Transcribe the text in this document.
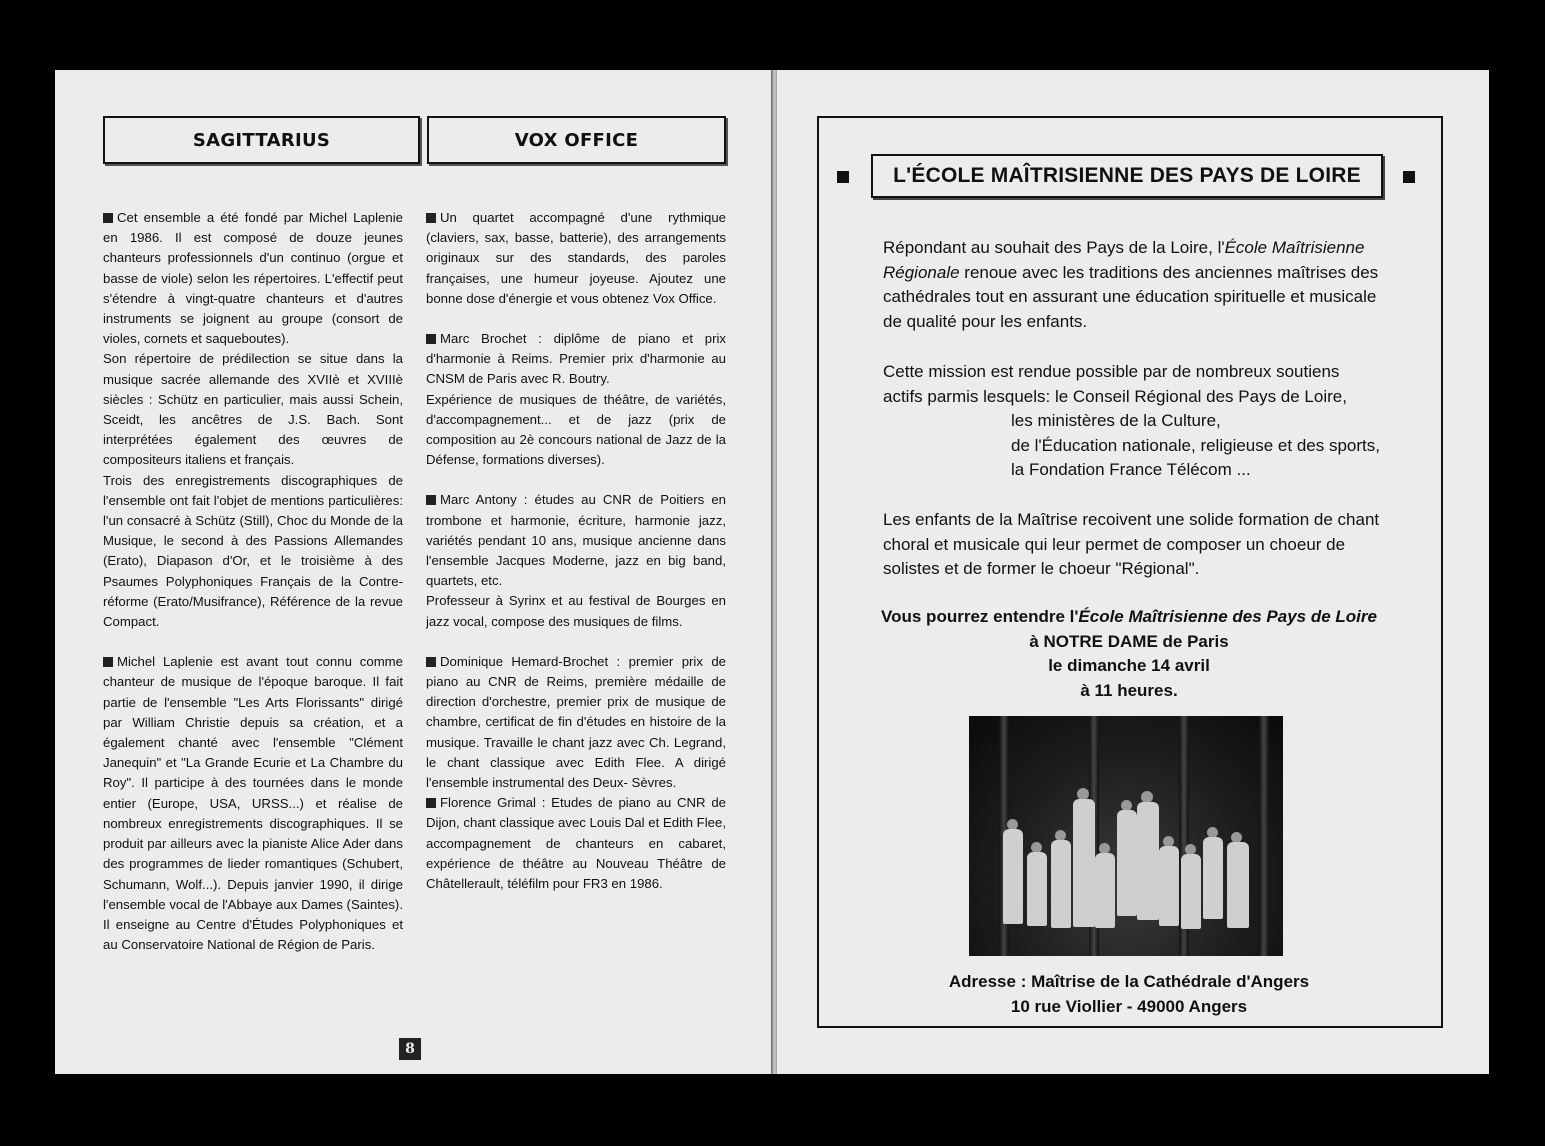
SAGITTARIUS	VOX OFFICE

Cet ensemble a été fondé par Michel Laplenie en 1986. Il est composé de douze jeunes chanteurs professionnels d'un continuo (orgue et basse de viole) selon les répertoires. L'effectif peut s'étendre à vingt-quatre chanteurs et d'autres instruments se joignent au groupe (consort de violes, cornets et saqueboutes).

Son répertoire de prédilection se situe dans la musique sacrée allemande des XVIIè et XVIIIè siècles : Schütz en particulier, mais aussi Schein, Sceidt, les ancêtres de J.S. Bach. Sont interprétées également des œuvres de compositeurs italiens et français.

Trois des enregistrements discographiques de l'ensemble ont fait l'objet de mentions particulières: l'un consacré à Schütz (Still), Choc du Monde de la Musique, le second à des Passions Allemandes (Erato), Diapason d'Or, et le troisième à des Psaumes Polyphoniques Français de la Contre-réforme (Erato/Musifrance), Référence de la revue Compact.

Michel Laplenie est avant tout connu comme chanteur de musique de l'époque baroque. Il fait partie de l'ensemble "Les Arts Florissants" dirigé par William Christie depuis sa création, et a également chanté avec l'ensemble "Clément Janequin" et "La Grande Ecurie et La Chambre du Roy". Il participe à des tournées dans le monde entier (Europe, USA, URSS...) et réalise de nombreux enregistrements discographiques. Il se produit par ailleurs avec la pianiste Alice Ader dans des programmes de lieder romantiques (Schubert, Schumann, Wolf...). Depuis janvier 1990, il dirige l'ensemble vocal de l'Abbaye aux Dames (Saintes). Il enseigne au Centre d'Études Polyphoniques et au Conservatoire National de Région de Paris.

Un quartet accompagné d'une rythmique (claviers, sax, basse, batterie), des arrangements originaux sur des standards, des paroles françaises, une humeur joyeuse. Ajoutez une bonne dose d'énergie et vous obtenez Vox Office.

Marc Brochet : diplôme de piano et prix d'harmonie à Reims. Premier prix d'harmonie au CNSM de Paris avec R. Boutry.

Expérience de musiques de théâtre, de variétés, d'accompagnement... et de jazz (prix de composition au 2è concours national de Jazz de la Défense, formations diverses).

Marc Antony : études au CNR de Poitiers en trombone et harmonie, écriture, harmonie jazz, variétés pendant 10 ans, musique ancienne dans l'ensemble Jacques Moderne, jazz en big band, quartets, etc.

Professeur à Syrinx et au festival de Bourges en jazz vocal, compose des musiques de films.

Dominique Hemard-Brochet : premier prix de piano au CNR de Reims, première médaille de direction d'orchestre, premier prix de musique de chambre, certificat de fin d'études en histoire de la musique. Travaille le chant jazz avec Ch. Legrand, le chant classique avec Edith Flee. A dirigé l'ensemble instrumental des Deux- Sèvres.

Florence Grimal : Etudes de piano au CNR de Dijon, chant classique avec Louis Dal et Edith Flee, accompagnement de chanteurs en cabaret, expérience de théâtre au Nouveau Théâtre de Châtellerault, téléfilm pour FR3 en 1986.

8
L'ÉCOLE MAÎTRISIENNE DES PAYS DE LOIRE

Répondant au souhait des Pays de la Loire, l'École Maîtrisienne Régionale renoue avec les traditions des anciennes maîtrises des cathédrales tout en assurant une éducation spirituelle et musicale de qualité pour les enfants.

Cette mission est rendue possible par de nombreux soutiens actifs parmis lesquels: le Conseil Régional des Pays de Loire,

les ministères de la Culture,

de l'Éducation nationale, religieuse et des sports,

la Fondation France Télécom ...

Les enfants de la Maîtrise recoivent une solide formation de chant choral et musicale qui leur permet de composer un choeur de solistes et de former le choeur "Régional".

Vous pourrez entendre l'École Maîtrisienne des Pays de Loire

à NOTRE DAME de Paris

le dimanche 14 avril

à 11 heures.

Adresse : Maîtrise de la Cathédrale d'Angers

10 rue Viollier - 49000 Angers
